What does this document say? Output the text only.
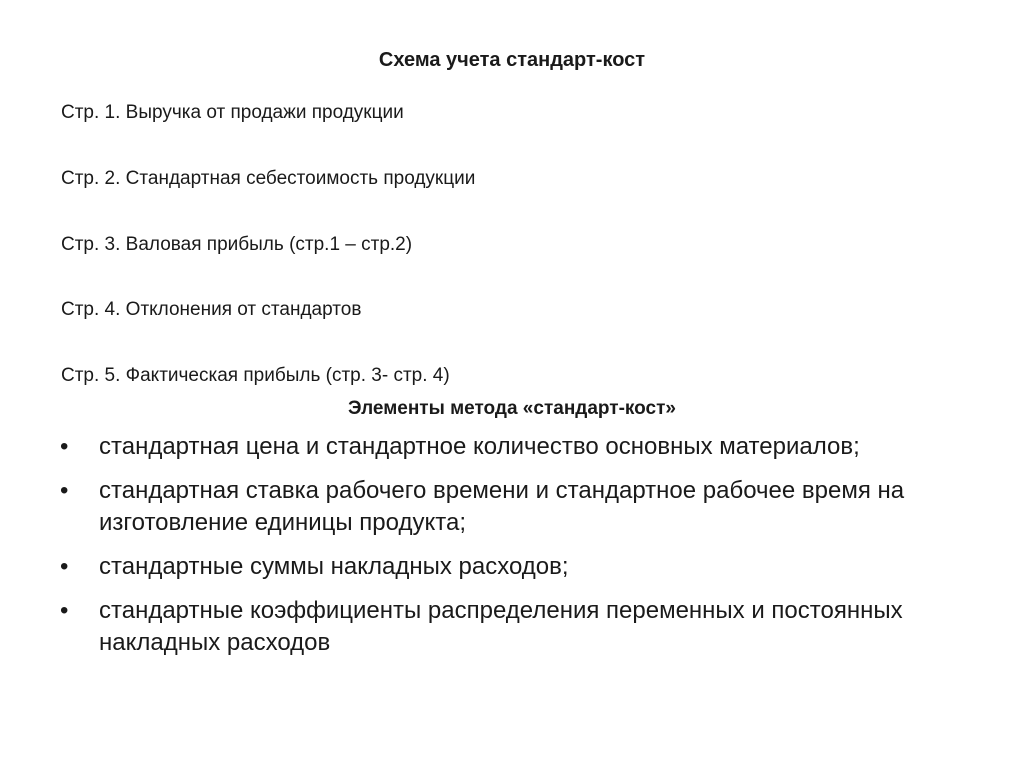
Схема учета стандарт-кост
Стр. 1. Выручка от продажи продукции
Стр. 2. Стандартная себестоимость продукции
Стр. 3. Валовая прибыль (стр.1 – стр.2)
Стр. 4. Отклонения от стандартов
Стр. 5. Фактическая прибыль (стр. 3- стр. 4)
Элементы метода «стандарт-кост»
•	стандартная цена и стандартное количество основных материалов;
•	стандартная ставка рабочего времени и стандартное рабочее время на изготовление единицы продукта;
•	стандартные суммы накладных расходов;
•	стандартные коэффициенты распределения переменных и постоянных накладных расходов
